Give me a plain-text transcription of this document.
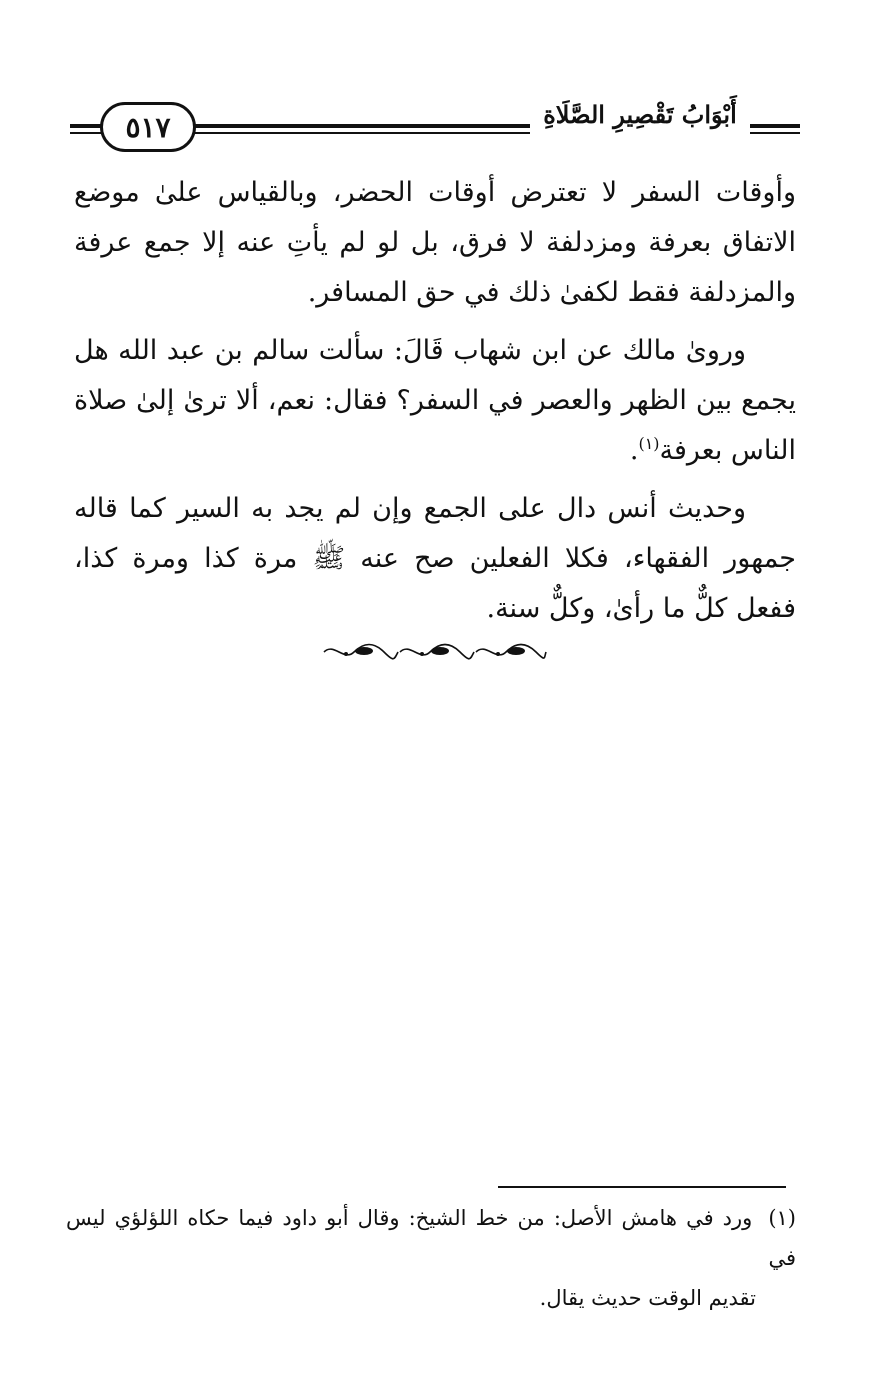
أَبْوَابُ تَقْصِيرِ الصَّلَاةِ
٥١٧

وأوقات السفر لا تعترض أوقات الحضر، وبالقياس علىٰ موضع الاتفاق بعرفة ومزدلفة لا فرق، بل لو لم يأتِ عنه إلا جمع عرفة والمزدلفة فقط لكفىٰ ذلك في حق المسافر.

وروىٰ مالك عن ابن شهاب قَالَ: سألت سالم بن عبد الله هل يجمع بين الظهر والعصر في السفر؟ فقال: نعم، ألا ترىٰ إلىٰ صلاة الناس بعرفة$^{(١)}$.

وحديث أنس دال على الجمع وإن لم يجد به السير كما قاله جمهور الفقهاء، فكلا الفعلين صح عنه ﷺ مرة كذا ومرة كذا، ففعل كلٌّ ما رأىٰ، وكلٌّ سنة.

(١)ورد في هامش الأصل: من خط الشيخ: وقال أبو داود فيما حكاه اللؤلؤي ليس في
تقديم الوقت حديث يقال.
